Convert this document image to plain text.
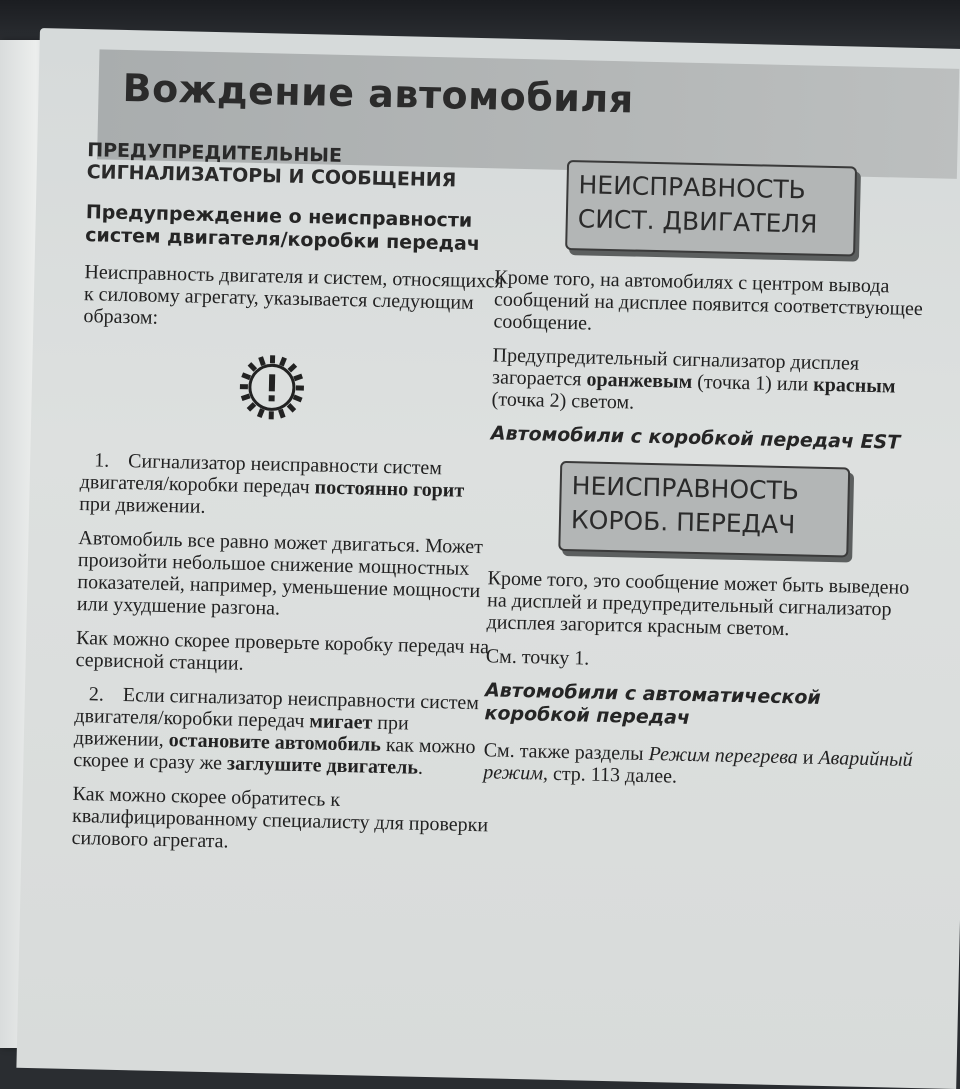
Вождение автомобиля
ПРЕДУПРЕДИТЕЛЬНЫЕ
СИГНАЛИЗАТОРЫ И СООБЩЕНИЯ
Предупреждение о неисправности систем двигателя/коробки передач

Неисправность двигателя и систем, относящихся к силовому агрегату, указывается следующим образом:

1. Сигнализатор неисправности систем двигателя/коробки передач постоянно горит при движении.

Автомобиль все равно может двигаться. Может произойти небольшое снижение мощностных показателей, например, уменьшение мощности или ухудшение разгона.

Как можно скорее проверьте коробку передач на сервисной станции.

2. Если сигнализатор неисправности систем двигателя/коробки передач мигает при движении, остановите автомобиль как можно скорее и сразу же заглушите двигатель.

Как можно скорее обратитесь к квалифицированному специалисту для проверки силового агрегата.

НЕИСПРАВНОСТЬ
СИСТ. ДВИГАТЕЛЯ

Кроме того, на автомобилях с центром вывода сообщений на дисплее появится соответствующее сообщение.

Предупредительный сигнализатор дисплея загорается оранжевым (точка 1) или красным (точка 2) светом.

Автомобили с коробкой передач EST
НЕИСПРАВНОСТЬ
КОРОБ. ПЕРЕДАЧ

Кроме того, это сообщение может быть выведено на дисплей и предупредительный сигнализатор дисплея загорится красным светом.

См. точку 1.

Автомобили с автоматической коробкой передач

См. также разделы Режим перегрева и Аварийный режим, стр. 113 далее.
